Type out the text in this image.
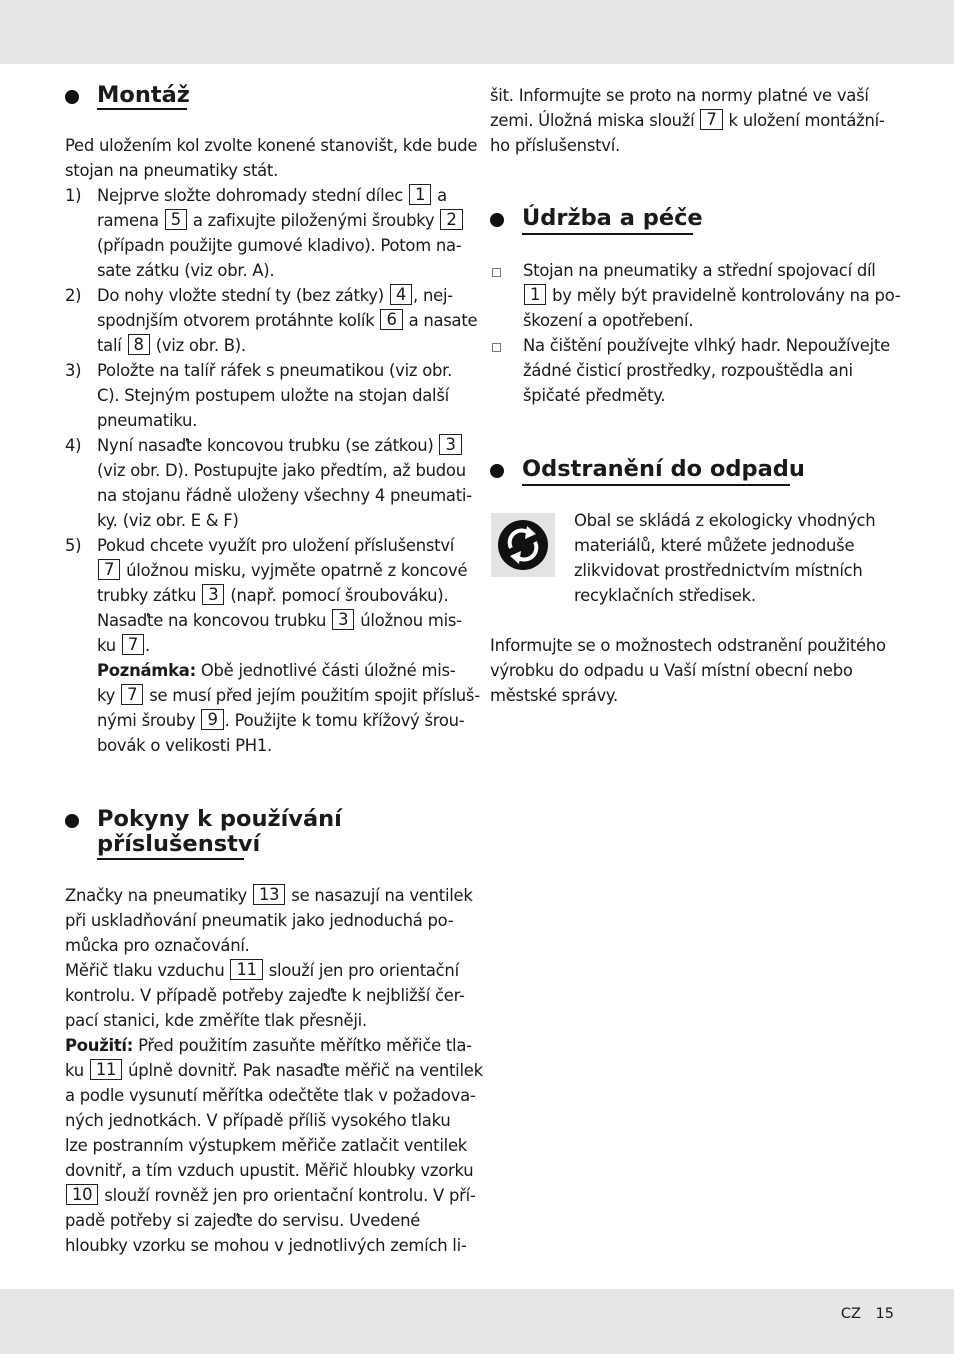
Montáž
Ped uložením kol zvolte konené stanovišt, kde bude
stojan na pneumatiky stát.
1) Nejprve složte dohromady stední dílec 1 a
ramena 5 a zafixujte piloženými šroubky 2
(případn použijte gumové kladivo). Potom na-
sate zátku (viz obr. A).
2) Do nohy vložte stední ty (bez zátky) 4 , nej-
spodnjším otvorem protáhnte kolík 6 a nasate
talí 8 (viz obr. B).
3) Položte na talíř ráfek s pneumatikou (viz obr.
C). Stejným postupem uložte na stojan další
pneumatiku.
4) Nyní nasaďte koncovou trubku (se zátkou) 3
(viz obr. D). Postupujte jako předtím, až budou
na stojanu řádně uloženy všechny 4 pneumati-
ky. (viz obr. E & F)
5) Pokud chcete využít pro uložení příslušenství
7 úložnou misku, vyjměte opatrně z koncové
trubky zátku 3 (např. pomocí šroubováku).
Nasaďte na koncovou trubku 3 úložnou mis-
ku 7 .
Poznámka: Obě jednotlivé části úložné mis-
ky 7 se musí před jejím použitím spojit přísluš-
nými šrouby 9 . Použijte k tomu křížový šrou-
bovák o velikosti PH1.
Pokyny k používání
příslušenství
Značky na pneumatiky 13 se nasazují na ventilek
při uskladňování pneumatik jako jednoduchá po-
můcka pro označování.
Měřič tlaku vzduchu 11 slouží jen pro orientační
kontrolu. V případě potřeby zajeďte k nejbližší čer-
pací stanici, kde změříte tlak přesněji.
Použití: Před použitím zasuňte měřítko měřiče tla-
ku 11 úplně dovnitř. Pak nasaďte měřič na ventilek
a podle vysunutí měřítka odečtěte tlak v požadova-
ných jednotkách. V případě příliš vysokého tlaku
lze postranním výstupkem měřiče zatlačit ventilek
dovnitř, a tím vzduch upustit. Měřič hloubky vzorku
10 slouží rovněž jen pro orientační kontrolu. V pří-
padě potřeby si zajeďte do servisu. Uvedené
hloubky vzorku se mohou v jednotlivých zemích li-
šit. Informujte se proto na normy platné ve vaší
zemi. Úložná miska slouží 7 k uložení montážní-
ho příslušenství.
Údržba a péče
Stojan na pneumatiky a střední spojovací díl
1 by měly být pravidelně kontrolovány na po-
škození a opotřebení.
Na čištění používejte vlhký hadr. Nepoužívejte
žádné čisticí prostředky, rozpouštědla ani
špičaté předměty.
Odstranění do odpadu
Obal se skládá z ekologicky vhodných
materiálů, které můžete jednoduše
zlikvidovat prostřednictvím místních
recyklačních středisek.
Informujte se o možnostech odstranění použitého
výrobku do odpadu u Vaší místní obecní nebo
městské správy.
CZ 15
